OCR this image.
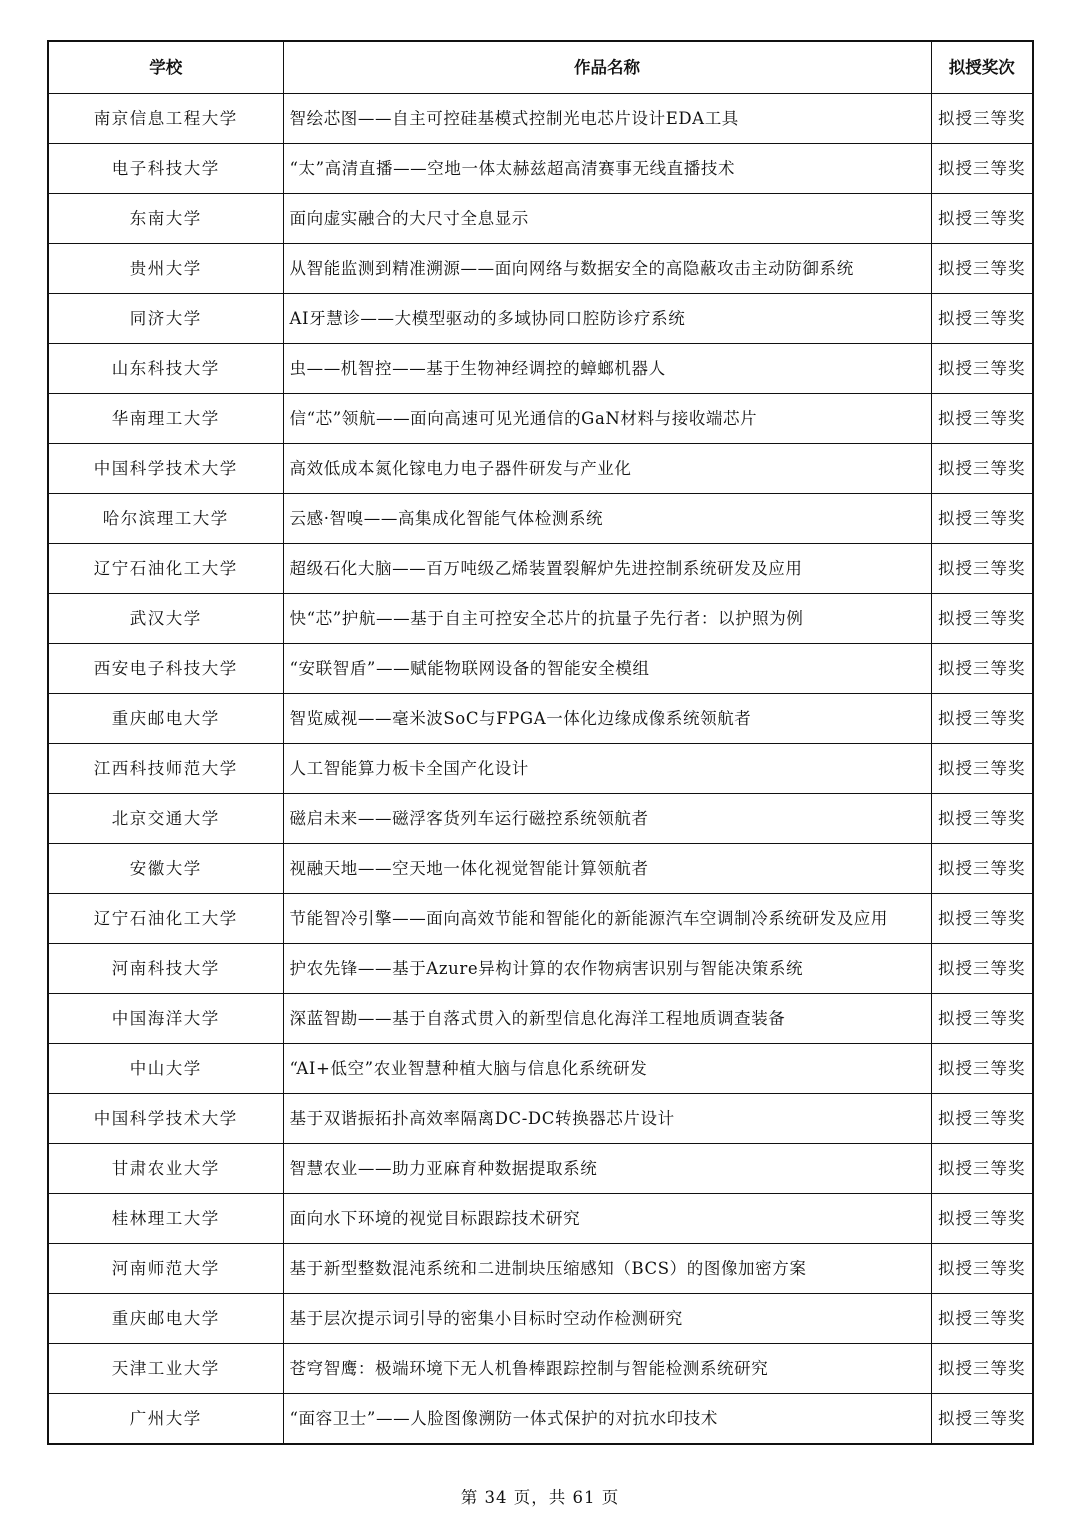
学校	作品名称	拟授奖次
南京信息工程大学	智绘芯图——自主可控硅基模式控制光电芯片设计EDA工具	拟授三等奖
电子科技大学	“太”高清直播——空地一体太赫兹超高清赛事无线直播技术	拟授三等奖
东南大学	面向虚实融合的大尺寸全息显示	拟授三等奖
贵州大学	从智能监测到精准溯源——面向网络与数据安全的高隐蔽攻击主动防御系统	拟授三等奖
同济大学	AI牙慧诊——大模型驱动的多域协同口腔防诊疗系统	拟授三等奖
山东科技大学	虫——机智控——基于生物神经调控的蟑螂机器人	拟授三等奖
华南理工大学	信“芯”领航——面向高速可见光通信的GaN材料与接收端芯片	拟授三等奖
中国科学技术大学	高效低成本氮化镓电力电子器件研发与产业化	拟授三等奖
哈尔滨理工大学	云感·智嗅——高集成化智能气体检测系统	拟授三等奖
辽宁石油化工大学	超级石化大脑——百万吨级乙烯装置裂解炉先进控制系统研发及应用	拟授三等奖
武汉大学	快“芯”护航——基于自主可控安全芯片的抗量子先行者：以护照为例	拟授三等奖
西安电子科技大学	“安联智盾”——赋能物联网设备的智能安全模组	拟授三等奖
重庆邮电大学	智览威视——毫米波SoC与FPGA一体化边缘成像系统领航者	拟授三等奖
江西科技师范大学	人工智能算力板卡全国产化设计	拟授三等奖
北京交通大学	磁启未来——磁浮客货列车运行磁控系统领航者	拟授三等奖
安徽大学	视融天地——空天地一体化视觉智能计算领航者	拟授三等奖
辽宁石油化工大学	节能智冷引擎——面向高效节能和智能化的新能源汽车空调制冷系统研发及应用	拟授三等奖
河南科技大学	护农先锋——基于Azure异构计算的农作物病害识别与智能决策系统	拟授三等奖
中国海洋大学	深蓝智勘——基于自落式贯入的新型信息化海洋工程地质调查装备	拟授三等奖
中山大学	“AI+低空”农业智慧种植大脑与信息化系统研发	拟授三等奖
中国科学技术大学	基于双谐振拓扑高效率隔离DC-DC转换器芯片设计	拟授三等奖
甘肃农业大学	智慧农业——助力亚麻育种数据提取系统	拟授三等奖
桂林理工大学	面向水下环境的视觉目标跟踪技术研究	拟授三等奖
河南师范大学	基于新型整数混沌系统和二进制块压缩感知（BCS）的图像加密方案	拟授三等奖
重庆邮电大学	基于层次提示词引导的密集小目标时空动作检测研究	拟授三等奖
天津工业大学	苍穹智鹰：极端环境下无人机鲁棒跟踪控制与智能检测系统研究	拟授三等奖
广州大学	“面容卫士”——人脸图像溯防一体式保护的对抗水印技术	拟授三等奖
第 34 页，共 61 页
